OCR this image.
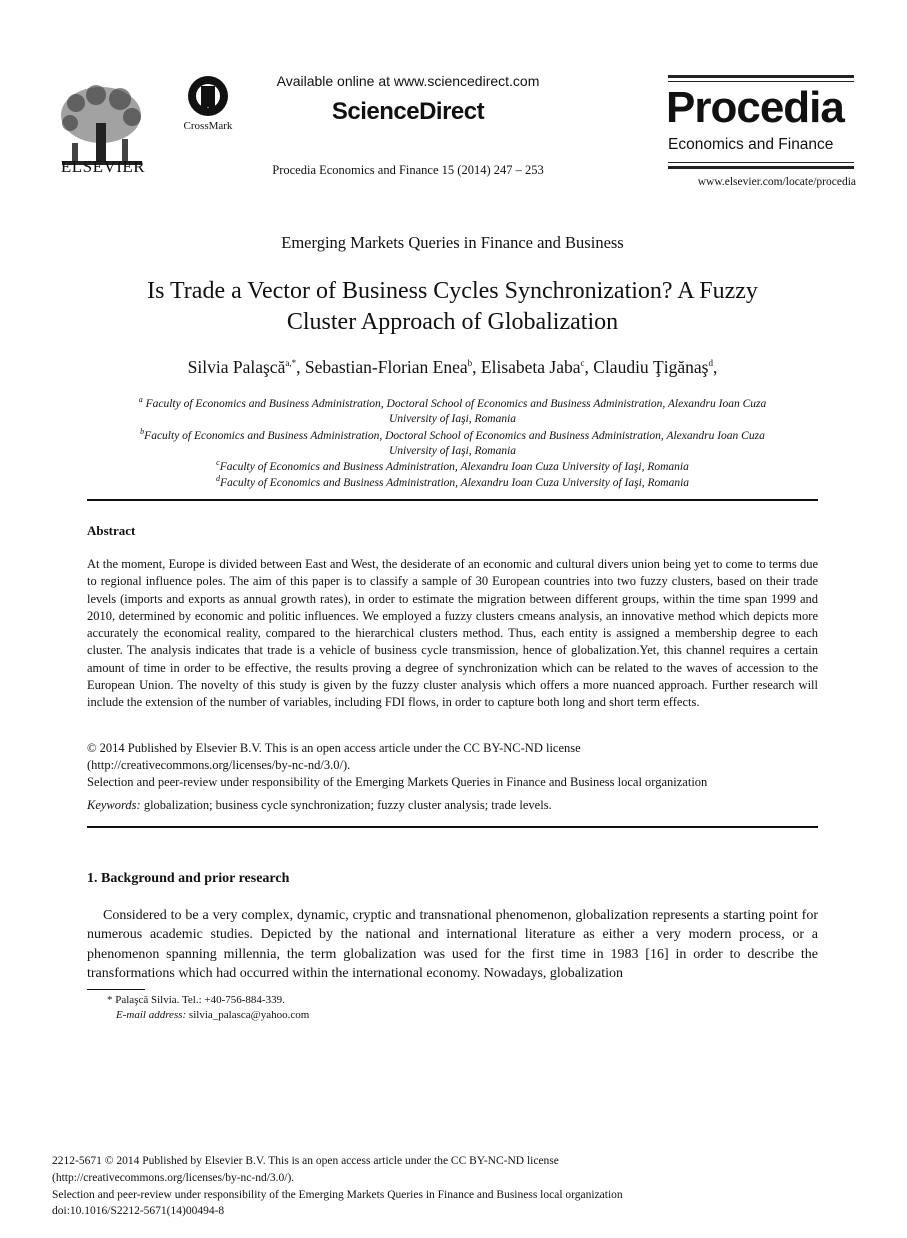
ELSEVIER
CrossMark
Available online at www.sciencedirect.com
ScienceDirect
Procedia Economics and Finance 15 (2014) 247 – 253
Procedia
Economics and Finance
www.elsevier.com/locate/procedia
Emerging Markets Queries in Finance and Business
Is Trade a Vector of Business Cycles Synchronization? A Fuzzy
Cluster Approach of Globalization
Silvia Palaşcă$^{a,*}$, Sebastian-Florian Enea$^b$, Elisabeta Jaba$^c$, Claudiu Ţigănaş$^d$,
$^a$ Faculty of Economics and Business Administration, Doctoral School of Economics and Business Administration, Alexandru Ioan Cuza
University of Iaşi, Romania
$^b$Faculty of Economics and Business Administration, Doctoral School of Economics and Business Administration, Alexandru Ioan Cuza
University of Iaşi, Romania
$^c$Faculty of Economics and Business Administration, Alexandru Ioan Cuza University of Iaşi, Romania
$^d$Faculty of Economics and Business Administration, Alexandru Ioan Cuza University of Iaşi, Romania
Abstract
At the moment, Europe is divided between East and West, the desiderate of an economic and cultural divers union being yet to come to terms due to regional influence poles. The aim of this paper is to classify a sample of 30 European countries into two fuzzy clusters, based on their trade levels (imports and exports as annual growth rates), in order to estimate the migration between different groups, within the time span 1999 and 2010, determined by economic and politic influences. We employed a fuzzy clusters cmeans analysis, an innovative method which depicts more accurately the economical reality, compared to the hierarchical clusters method. Thus, each entity is assigned a membership degree to each cluster. The analysis indicates that trade is a vehicle of business cycle transmission, hence of globalization.Yet, this channel requires a certain amount of time in order to be effective, the results proving a degree of synchronization which can be related to the waves of accession to the European Union. The novelty of this study is given by the fuzzy cluster analysis which offers a more nuanced approach. Further research will include the extension of the number of variables, including FDI flows, in order to capture both long and short term effects.
© 2014 Published by Elsevier B.V. This is an open access article under the CC BY-NC-ND license
(http://creativecommons.org/licenses/by-nc-nd/3.0/).
Selection and peer-review under responsibility of the Emerging Markets Queries in Finance and Business local organization
Keywords: globalization; business cycle synchronization; fuzzy cluster analysis; trade levels.
1. Background and prior research
Considered to be a very complex, dynamic, cryptic and transnational phenomenon, globalization represents a starting point for numerous academic studies. Depicted by the national and international literature as either a very modern process, or a phenomenon spanning millennia, the term globalization was used for the first time in 1983 [16] in order to describe the transformations which had occurred within the international economy. Nowadays, globalization
* Palaşcă Silvia. Tel.: +40-756-884-339.
E-mail address: silvia_palasca@yahoo.com
2212-5671 © 2014 Published by Elsevier B.V. This is an open access article under the CC BY-NC-ND license
(http://creativecommons.org/licenses/by-nc-nd/3.0/).
Selection and peer-review under responsibility of the Emerging Markets Queries in Finance and Business local organization
doi:10.1016/S2212-5671(14)00494-8
